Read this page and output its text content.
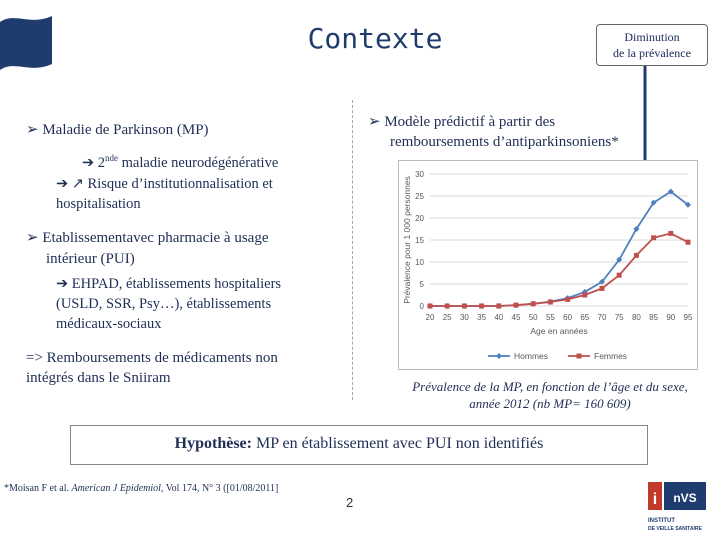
Contexte	Diminution
de la prévalence
➢ Maladie de Parkinson (MP)
➔ 2nde maladie neurodégénérative
➔ ↗ Risque d’institutionnalisation et
hospitalisation
➢ Etablissementavec pharmacie à usage
intérieur (PUI)
➔ EHPAD, établissements hospitaliers
(USLD, SSR, Psy…), établissements
médicaux-sociaux
=> Remboursements de médicaments non
intégrés dans le Sniiram
➢ Modèle prédictif à partir des
remboursements d’antiparkinsoniens*
0
5
10
15
20
25
30
20 25 30 35 40 45 50 55 60 65 70 75 80 85 90 95
Age en années
Prévalence pour 1 000 personnes
Hommes	Femmes
Prévalence de la MP, en fonction de l’âge et du sexe,
année 2012 (nb MP= 160 609)
Hypothèse: MP en établissement avec PUI non identifiés
*Moisan F et al. American J Epidemiol, Vol 174, N° 3 ([01/08/2011]
2	i nVS
INSTITUT
DE VEILLE SANITAIRE
